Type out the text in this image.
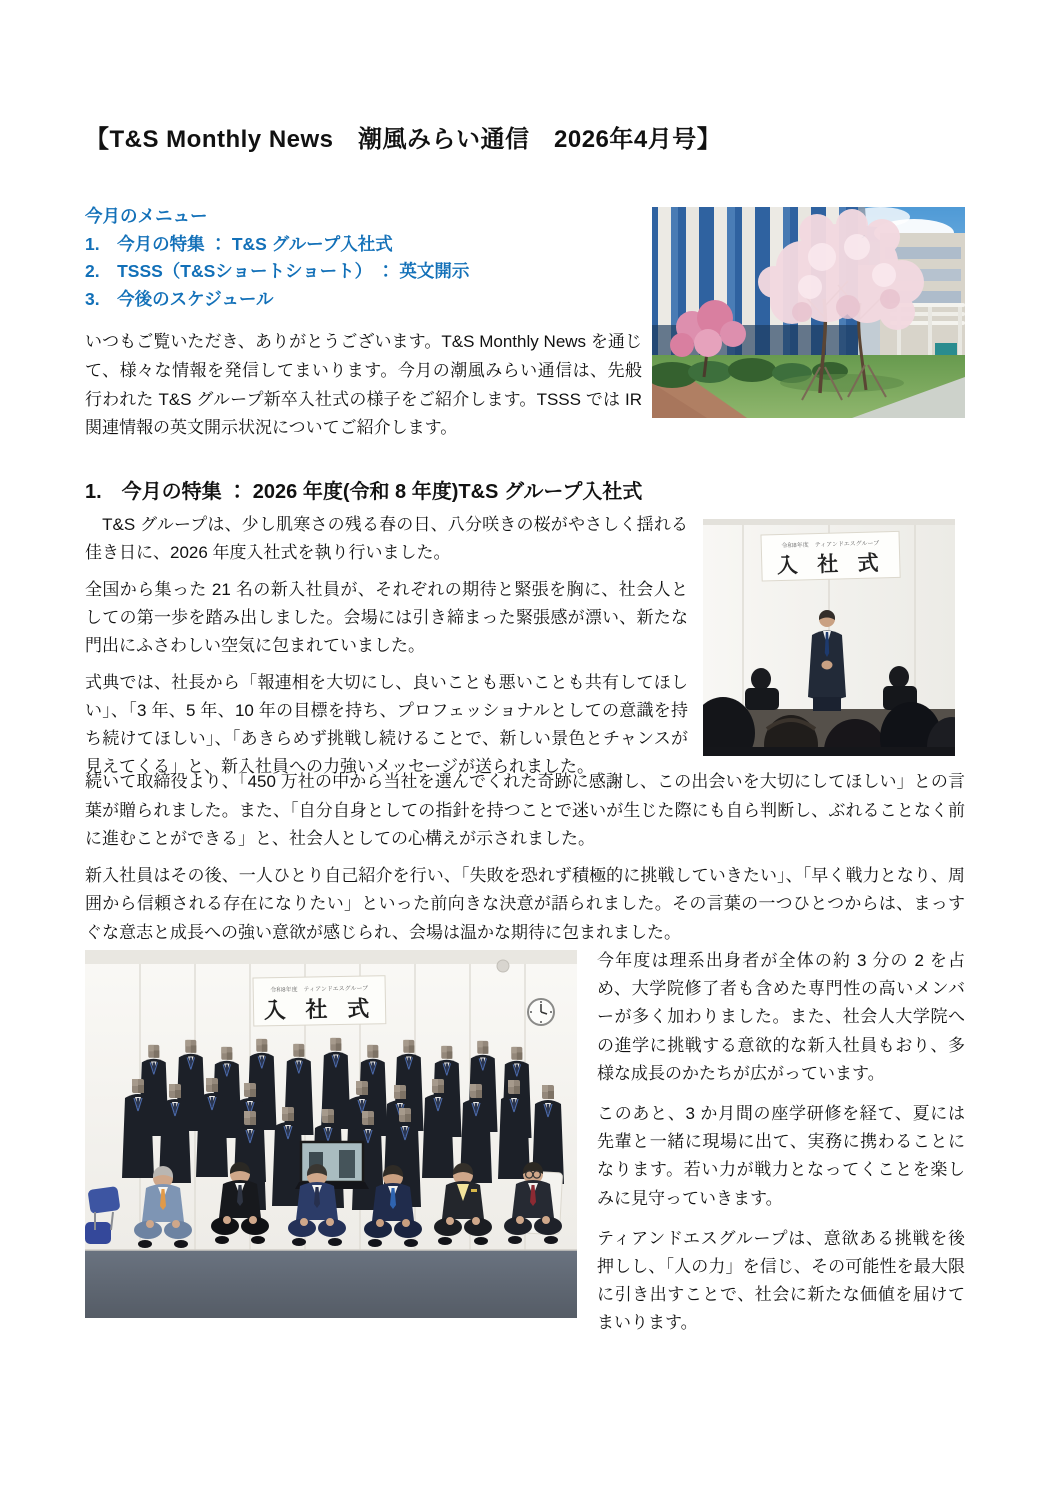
【T&S Monthly News　潮風みらい通信　2026年4月号】
今月のメニュー
1.　今月の特集 ： T&S グループ入社式
2.　TSSS（T&Sショートショート） ： 英文開示
3.　今後のスケジュール

いつもご覧いただき、ありがとうございます。T&S Monthly News を通じて、様々な情報を発信してまいります。今月の潮風みらい通信は、先般行われた T&S グループ新卒入社式の様子をご紹介します。TSSS では IR 関連情報の英文開示状況についてご紹介します。

1.　今月の特集 ： 2026 年度(令和 8 年度)T&S グループ入社式

　T&S グループは、少し肌寒さの残る春の日、八分咲きの桜がやさしく揺れる佳き日に、2026 年度入社式を執り行いました。

全国から集った 21 名の新入社員が、それぞれの期待と緊張を胸に、社会人としての第一歩を踏み出しました。会場には引き締まった緊張感が漂い、新たな門出にふさわしい空気に包まれていました。

式典では、社長から「報連相を大切にし、良いことも悪いことも共有してほしい」、「3 年、5 年、10 年の目標を持ち、プロフェッショナルとしての意識を持ち続けてほしい」、「あきらめず挑戦し続けることで、新しい景色とチャンスが見えてくる」と、新入社員への力強いメッセージが送られました。

令和8年度　ティアンドエスグループ
入 社 式

続いて取締役より、「450 万社の中から当社を選んでくれた奇跡に感謝し、この出会いを大切にしてほしい」との言葉が贈られました。また、「自分自身としての指針を持つことで迷いが生じた際にも自ら判断し、ぶれることなく前に進むことができる」と、社会人としての心構えが示されました。

新入社員はその後、一人ひとり自己紹介を行い、「失敗を恐れず積極的に挑戦していきたい」、「早く戦力となり、周囲から信頼される存在になりたい」といった前向きな決意が語られました。その言葉の一つひとつからは、まっすぐな意志と成長への強い意欲が感じられ、会場は温かな期待に包まれました。

令和8年度　ティアンドエスグループ
入 社 式

今年度は理系出身者が全体の約 3 分の 2 を占め、大学院修了者も含めた専門性の高いメンバーが多く加わりました。また、社会人大学院への進学に挑戦する意欲的な新入社員もおり、多様な成長のかたちが広がっています。

このあと、3 か月間の座学研修を経て、夏には先輩と一緒に現場に出て、実務に携わることになります。若い力が戦力となってくことを楽しみに見守っていきます。

ティアンドエスグループは、意欲ある挑戦を後押しし、「人の力」を信じ、その可能性を最大限に引き出すことで、社会に新たな価値を届けてまいります。
